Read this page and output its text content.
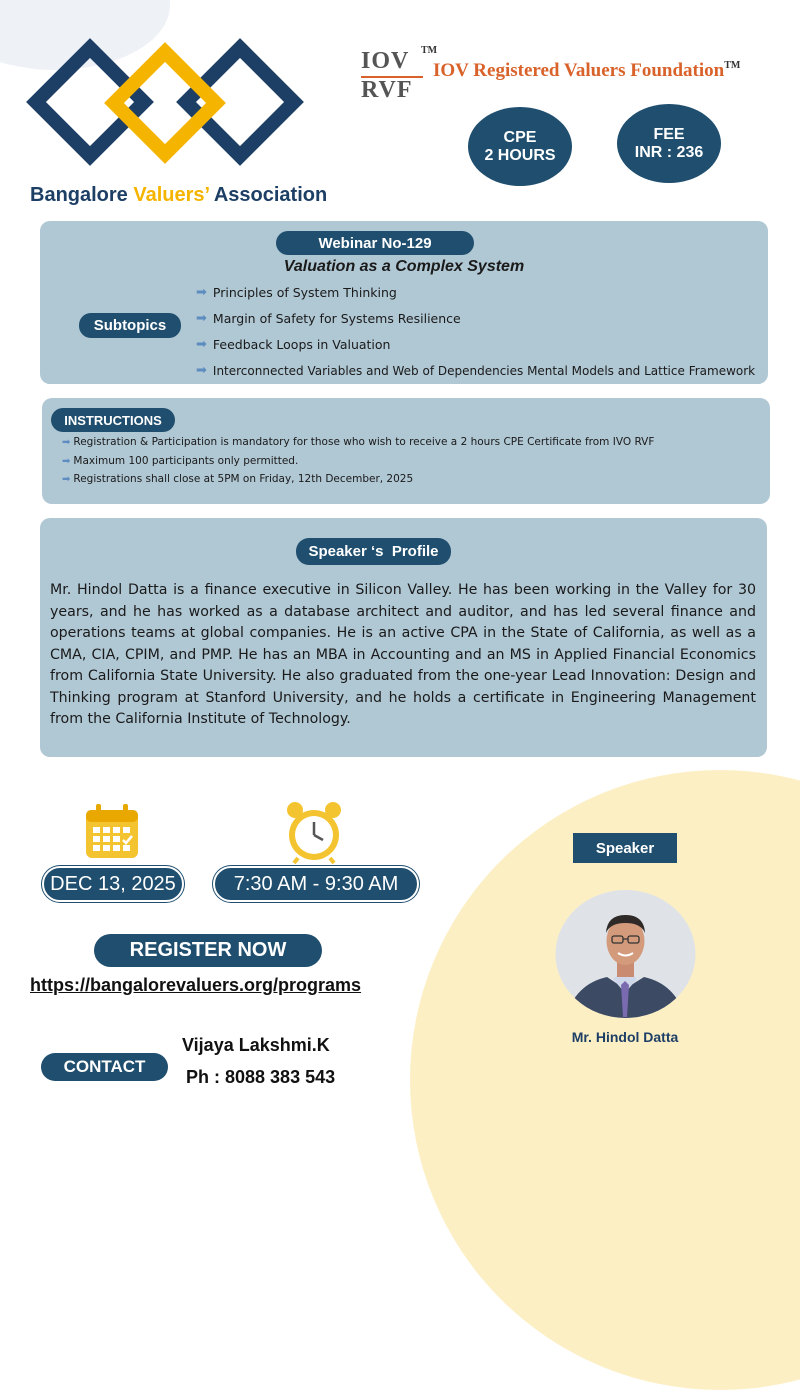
Bangalore Valuers’ Association
IOV
RVF
TM
IOV Registered Valuers Foundation™
CPE
2 HOURS
FEE
INR : 236
Webinar No-129
Valuation as a Complex System
Subtopics
➡ Principles of System Thinking
➡ Margin of Safety for Systems Resilience
➡ Feedback Loops in Valuation
➡ Interconnected Variables and Web of Dependencies Mental Models and Lattice Framework
INSTRUCTIONS
➡ Registration & Participation is mandatory for those who wish to receive a 2 hours CPE Certificate from IVO RVF
➡ Maximum 100 participants only permitted.
➡ Registrations shall close at 5PM on Friday, 12th December, 2025
Speaker ‘s  Profile
Mr. Hindol Datta is a finance executive in Silicon Valley. He has been working in the Valley for 30 years, and he has worked as a database architect and auditor, and has led several finance and operations teams at global companies. He is an active CPA in the State of California, as well as a CMA, CIA, CPIM, and PMP. He has an MBA in Accounting and an MS in Applied Financial Economics from California State University. He also graduated from the one-year Lead Innovation: Design and Thinking program at Stanford University, and he holds a certificate in Engineering Management from the California Institute of Technology.
DEC 13, 2025	7:30 AM - 9:30 AM
REGISTER NOW
https://bangalorevaluers.org/programs
CONTACT
Vijaya Lakshmi.K
Ph : 8088 383 543
Speaker
Mr. Hindol Datta
